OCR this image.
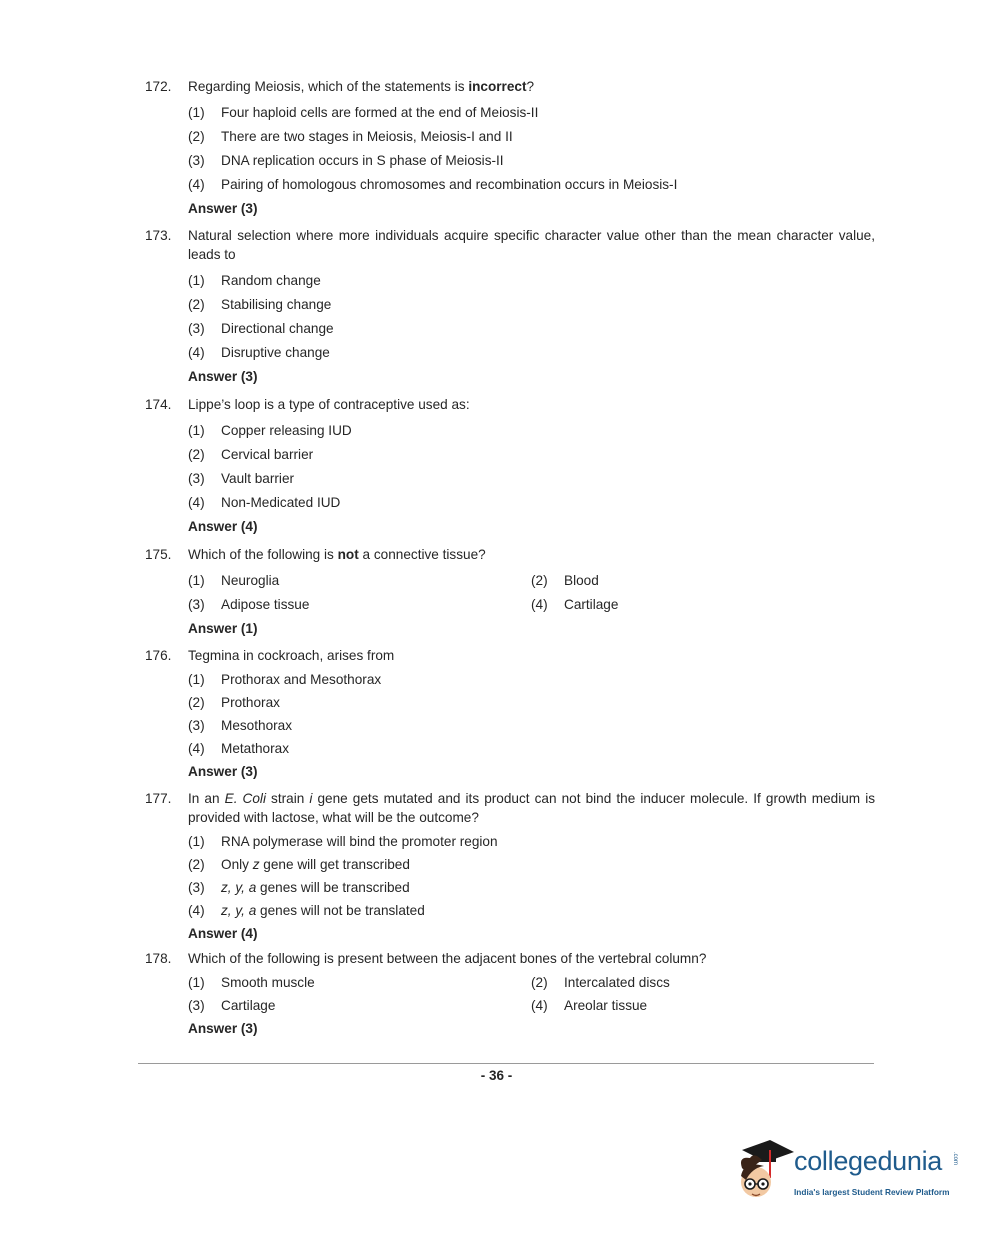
172.	Regarding Meiosis, which of the statements is incorrect?
(1)	Four haploid cells are formed at the end of Meiosis-II
(2)	There are two stages in Meiosis, Meiosis-I and II
(3)	DNA replication occurs in S phase of Meiosis-II
(4)	Pairing of homologous chromosomes and recombination occurs in Meiosis-I
Answer (3)
173.	Natural selection where more individuals acquire specific character value other than the mean character value, leads to
(1)	Random change
(2)	Stabilising change
(3)	Directional change
(4)	Disruptive change
Answer (3)
174.	Lippe’s loop is a type of contraceptive used as:
(1)	Copper releasing IUD
(2)	Cervical barrier
(3)	Vault barrier
(4)	Non-Medicated IUD
Answer (4)
175.	Which of the following is not a connective tissue?
(1)	Neuroglia	(2)	Blood
(3)	Adipose tissue	(4)	Cartilage
Answer (1)
176.	Tegmina in cockroach, arises from
(1)	Prothorax and Mesothorax
(2)	Prothorax
(3)	Mesothorax
(4)	Metathorax
Answer (3)
177.	In an E. Coli strain i gene gets mutated and its product can not bind the inducer molecule. If growth medium is provided with lactose, what will be the outcome?
(1)	RNA polymerase will bind the promoter region
(2)	Only z gene will get transcribed
(3)	z, y, a genes will be transcribed
(4)	z, y, a genes will not be translated
Answer (4)
178.	Which of the following is present between the adjacent bones of the vertebral column?
(1)	Smooth muscle	(2)	Intercalated discs
(3)	Cartilage	(4)	Areolar tissue
Answer (3)
- 36 -
collegedunia .com
India's largest Student Review Platform
